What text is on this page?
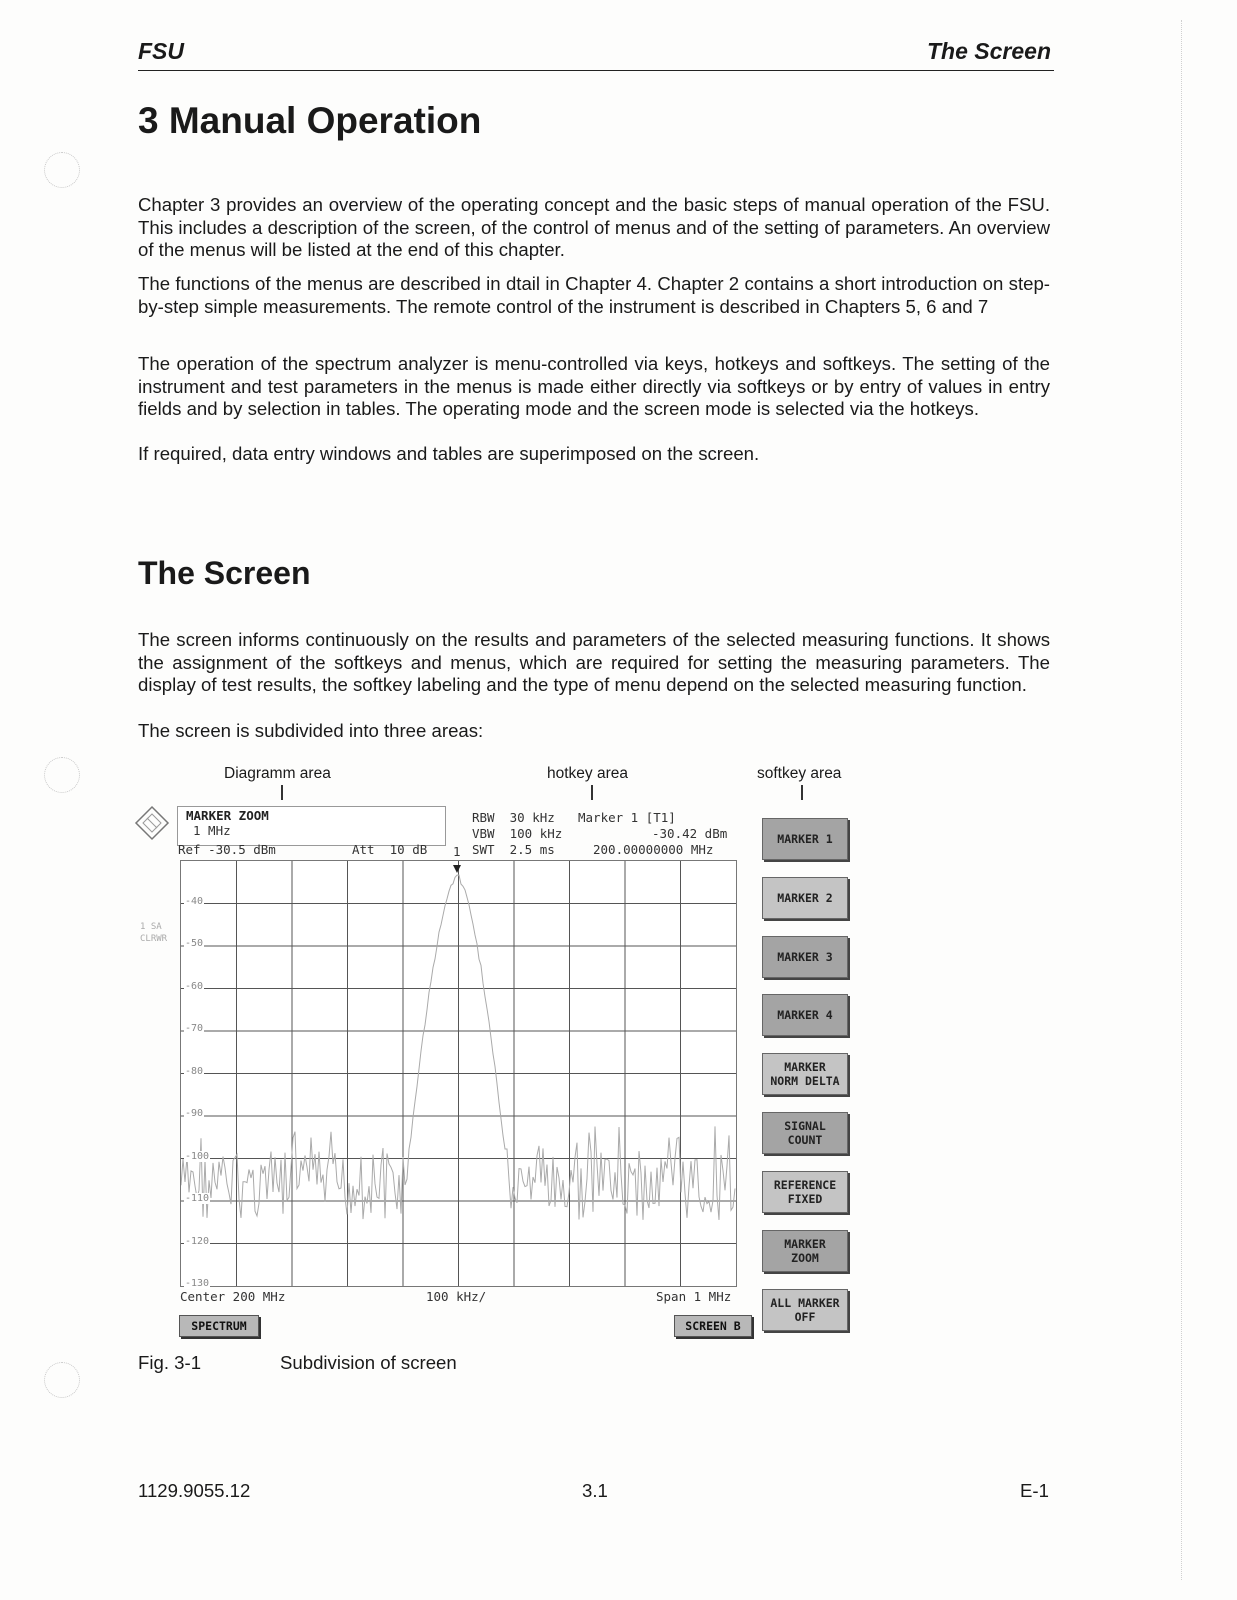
FSU	The Screen
3 Manual Operation

Chapter 3 provides an overview of the operating concept and the basic steps of manual operation of the FSU. This includes a description of the screen, of the control of menus and of the setting of parameters. An overview of the menus will be listed at the end of this chapter.

The functions of the menus are described in dtail in Chapter 4. Chapter 2 contains a short introduction on step-by-step simple measurements. The remote control of the instrument is described in Chapters 5, 6 and 7

The operation of the spectrum analyzer is menu-controlled via keys, hotkeys and softkeys. The setting of the instrument and test parameters in the menus is made either directly via softkeys or by entry of values in entry fields and by selection in tables. The operating mode and the screen mode is selected via the hotkeys.

If required, data entry windows and tables are superimposed on the screen.

The Screen

The screen informs continuously on the results and parameters of the selected measuring functions. It shows the assignment of the softkeys and menus, which are required for setting the measuring parameters. The display of test results, the softkey labeling and the type of menu depend on the selected measuring function.

The screen is subdivided into three areas:

Diagramm area	hotkey area	softkey area
MARKER ZOOM
1 MHz
Ref -30.5 dBm	Att  10 dB 1
RBW  30 kHz
VBW  100 kHz
SWT  2.5 ms
Marker 1 [T1]
-30.42 dBm
200.00000000 MHz
1 SA
CLRWR
-40
-50
-60
-70
-80
-90
-100
-110
-120
-130
Center 200 MHz	100 kHz/	Span 1 MHz
SPECTRUM	SCREEN B
MARKER 1
MARKER 2
MARKER 3
MARKER 4
MARKER
NORM DELTA
SIGNAL
COUNT
REFERENCE
FIXED
MARKER
ZOOM
ALL MARKER
OFF
Fig. 3-1	Subdivision of screen
1129.9055.12	3.1	E-1
